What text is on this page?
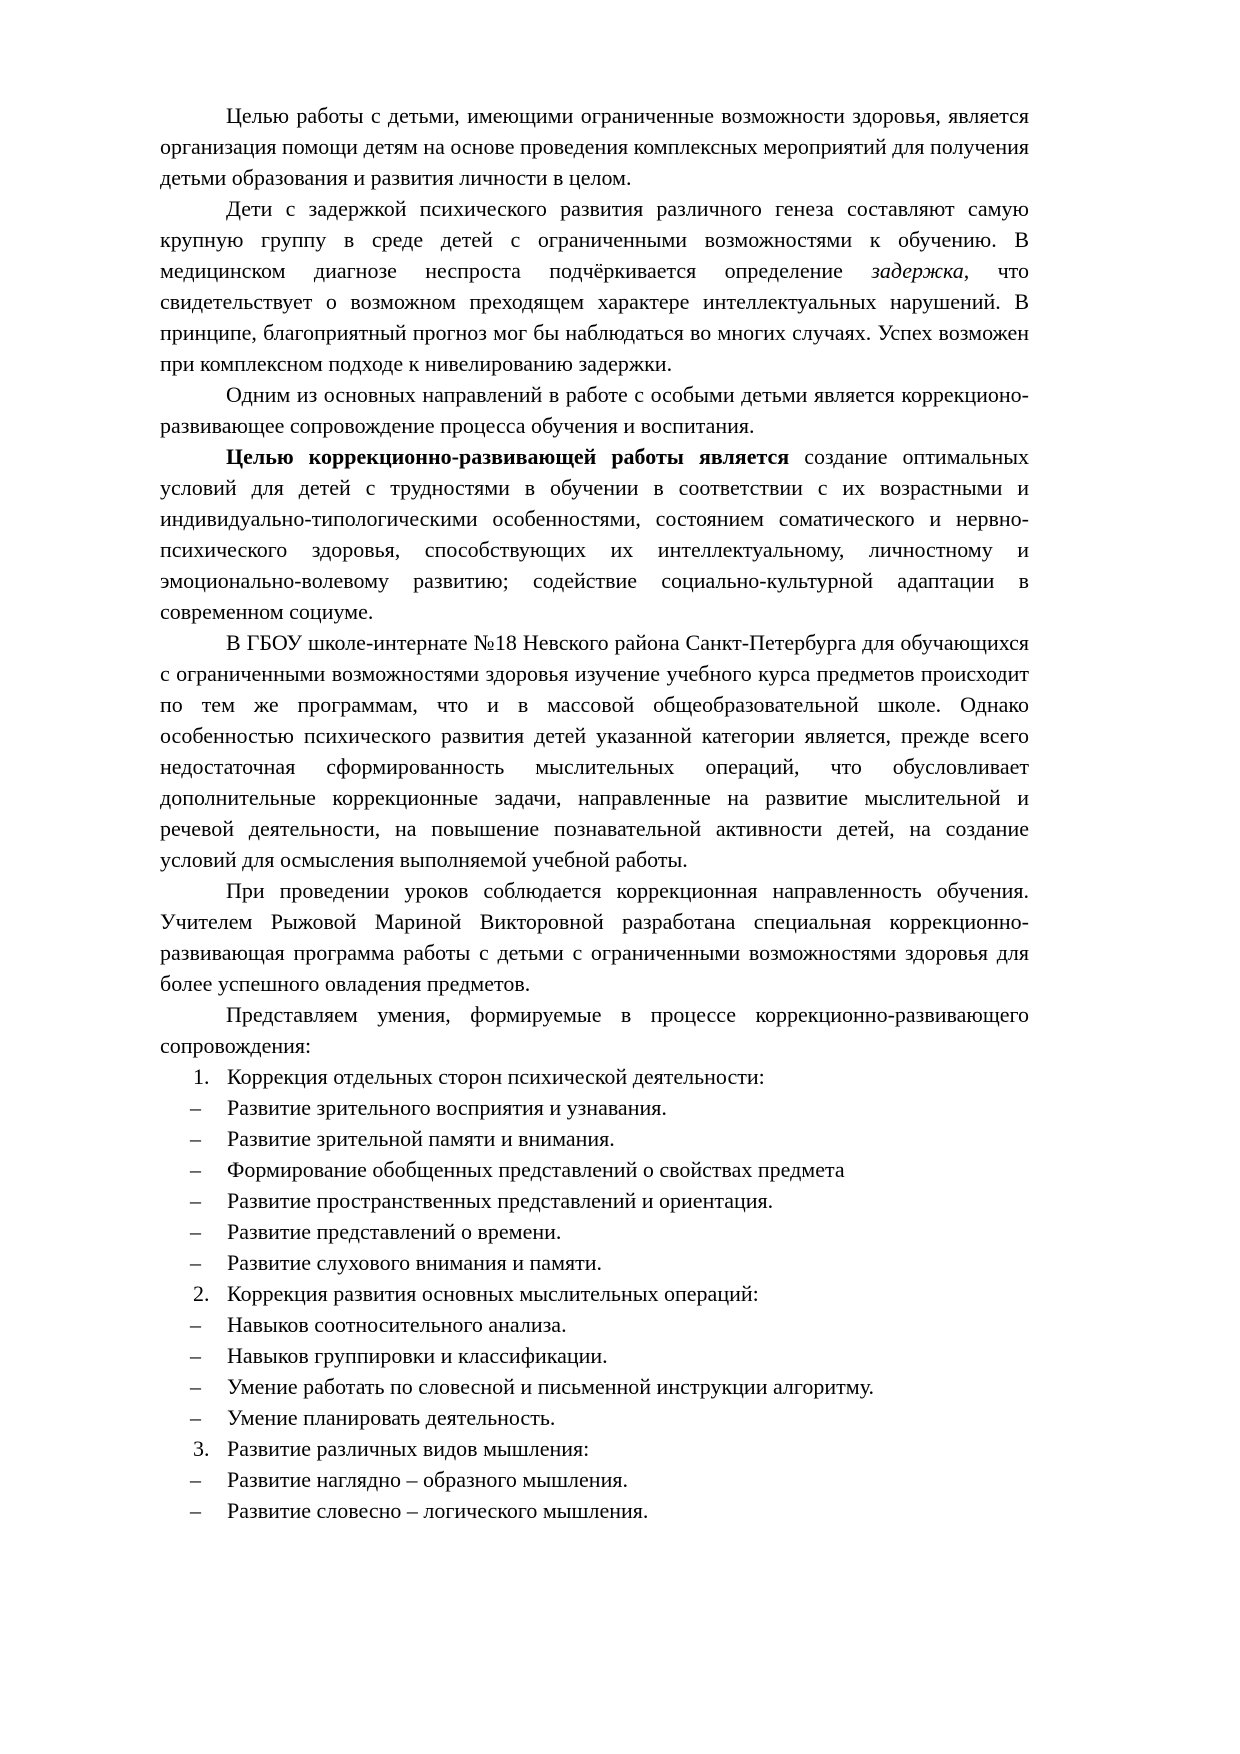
Целью работы с детьми, имеющими ограниченные возможности здоровья, является организация помощи детям на основе проведения комплексных мероприятий для получения детьми образования и развития личности в целом.

Дети с задержкой психического развития различного генеза составляют самую крупную группу в среде детей с ограниченными возможностями к обучению. В медицинском диагнозе неспроста подчёркивается определение задержка, что свидетельствует о возможном преходящем характере интеллектуальных нарушений. В принципе, благоприятный прогноз мог бы наблюдаться во многих случаях. Успех возможен при комплексном подходе к нивелированию задержки.

Одним из основных направлений в работе с особыми детьми является коррекционо-развивающее сопровождение процесса обучения и воспитания.

Целью коррекционно-развивающей работы является создание оптимальных условий для детей с трудностями в обучении в соответствии с их возрастными и индивидуально-типологическими особенностями, состоянием соматического и нервно-психического здоровья, способствующих их интеллектуальному, личностному и эмоционально-волевому развитию; содействие социально-культурной адаптации в современном социуме.

В ГБОУ школе-интернате №18 Невского района Санкт-Петербурга для обучающихся с ограниченными возможностями здоровья изучение учебного курса предметов происходит по тем же программам, что и в массовой общеобразовательной школе. Однако особенностью психического развития детей указанной категории является, прежде всего недостаточная сформированность мыслительных операций, что обусловливает дополнительные коррекционные задачи, направленные на развитие мыслительной и речевой деятельности, на повышение познавательной активности детей, на создание условий для осмысления выполняемой учебной работы.

При проведении уроков соблюдается коррекционная направленность обучения. Учителем Рыжовой Мариной Викторовной разработана специальная коррекционно-развивающая программа работы с детьми с ограниченными возможностями здоровья для более успешного овладения предметов.

Представляем умения, формируемые в процессе коррекционно-развивающего сопровождения:

1. Коррекция отдельных сторон психической деятельности:
–	Развитие зрительного восприятия и узнавания.
–	Развитие зрительной памяти и внимания.
–	Формирование обобщенных представлений о свойствах предмета
–	Развитие пространственных представлений и ориентация.
–	Развитие представлений о времени.
–	Развитие слухового внимания и памяти.
2. Коррекция развития основных мыслительных операций:
–	Навыков соотносительного анализа.
–	Навыков группировки и классификации.
–	Умение работать по словесной и письменной инструкции алгоритму.
–	Умение планировать деятельность.
3. Развитие различных видов мышления:
–	Развитие наглядно – образного мышления.
–	Развитие словесно – логического мышления.
